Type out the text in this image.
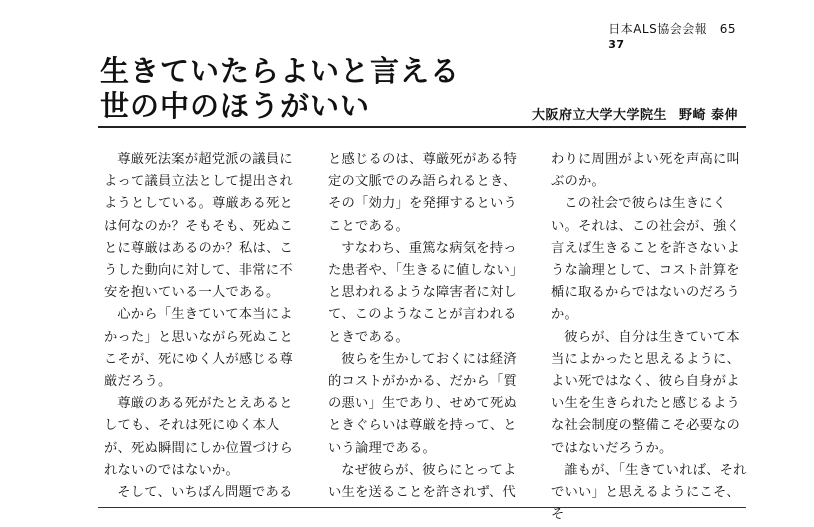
日本ALS協会会報　65
37
生きていたらよいと言える
世の中のほうがいい	大阪府立大学大学院生 野崎 泰伸

尊厳死法案が超党派の議員によって議員立法として提出されようとしている。尊厳ある死とは何なのか？そもそも、死ぬことに尊厳はあるのか？私は、こうした動向に対して、非常に不安を抱いている一人である。

心から「生きていて本当によかった」と思いながら死ぬことこそが、死にゆく人が感じる尊厳だろう。

尊厳のある死がたとえあるとしても、それは死にゆく本人が、死ぬ瞬間にしか位置づけられないのではないか。

そして、いちばん問題である

と感じるのは、尊厳死がある特定の文脈でのみ語られるとき、その「効力」を発揮するということである。

すなわち、重篤な病気を持った患者や、「生きるに値しない」と思われるような障害者に対して、このようなことが言われるときである。

彼らを生かしておくには経済的コストがかかる、だから「質の悪い」生であり、せめて死ぬときぐらいは尊厳を持って、という論理である。

なぜ彼らが、彼らにとってよい生を送ることを許されず、代

わりに周囲がよい死を声高に叫ぶのか。

この社会で彼らは生きにくい。それは、この社会が、強く言えば生きることを許さないような論理として、コスト計算を楯に取るからではないのだろうか。

彼らが、自分は生きていて本当によかったと思えるように、よい死ではなく、彼ら自身がよい生を生きられたと感じるような社会制度の整備こそ必要なのではないだろうか。

誰もが、「生きていれば、それでいい」と思えるようにこそ、そ
